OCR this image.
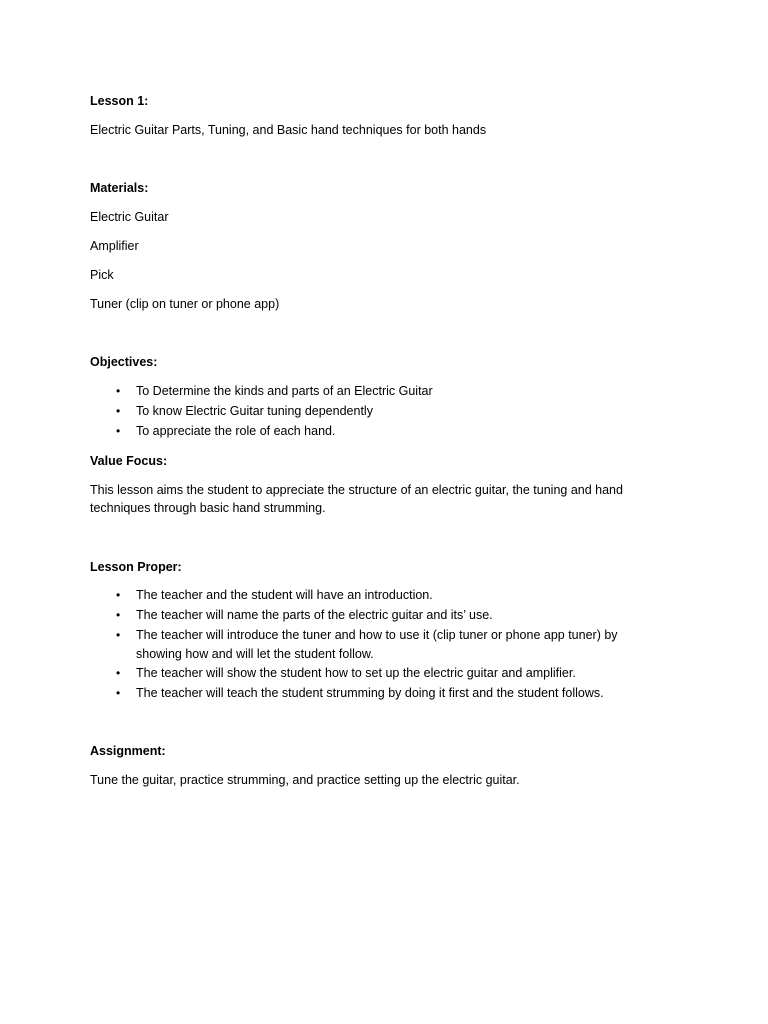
Lesson 1:

Electric Guitar Parts, Tuning, and Basic hand techniques for both hands

Materials:

Electric Guitar

Amplifier

Pick

Tuner (clip on tuner or phone app)

Objectives:

• To Determine the kinds and parts of an Electric Guitar
• To know Electric Guitar tuning dependently
• To appreciate the role of each hand.

Value Focus:

This lesson aims the student to appreciate the structure of an electric guitar, the tuning and hand techniques through basic hand strumming.

Lesson Proper:

• The teacher and the student will have an introduction.
• The teacher will name the parts of the electric guitar and its’ use.
• The teacher will introduce the tuner and how to use it (clip tuner or phone app tuner) by showing how and will let the student follow.
• The teacher will show the student how to set up the electric guitar and amplifier.
• The teacher will teach the student strumming by doing it first and the student follows.

Assignment:

Tune the guitar, practice strumming, and practice setting up the electric guitar.
